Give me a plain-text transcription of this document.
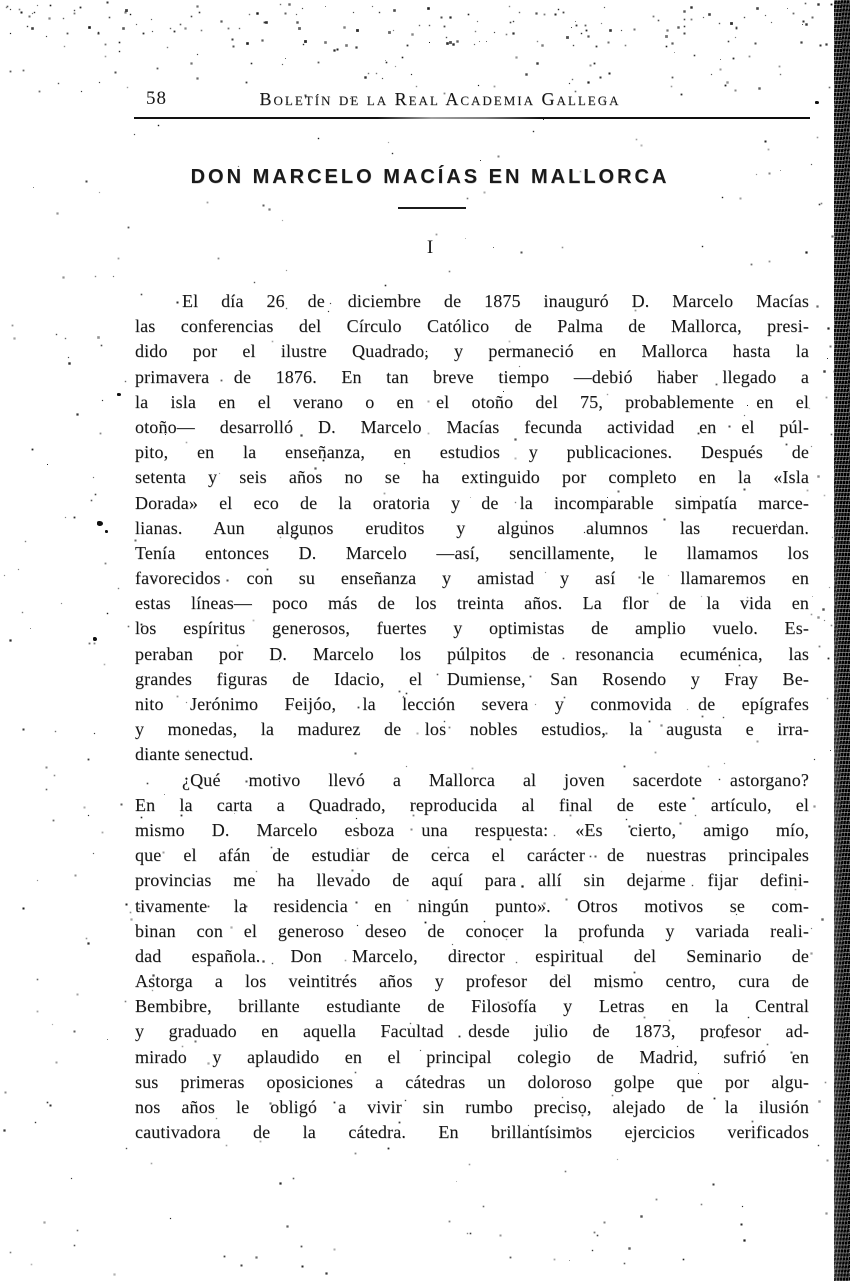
58	Boletín de la Real Academia Gallega
DON MARCELO MACÍAS EN MALLORCA
I
El día 26 de diciembre de 1875 inauguró D. Marcelo Macías
las conferencias del Círculo Católico de Palma de Mallorca, presi-
dido por el ilustre Quadrado, y permaneció en Mallorca hasta la
primavera de 1876. En tan breve tiempo —debió haber llegado a
la isla en el verano o en el otoño del 75, probablemente en el
otoño— desarrolló D. Marcelo Macías fecunda actividad en el púl-
pito, en la enseñanza, en estudios y publicaciones. Después de
setenta y seis años no se ha extinguido por completo en la «Isla
Dorada» el eco de la oratoria y de la incomparable simpatía marce-
lianas. Aun algunos eruditos y algunos alumnos las recuerdan.
Tenía entonces D. Marcelo —así, sencillamente, le llamamos los
favorecidos con su enseñanza y amistad y así le llamaremos en
estas líneas— poco más de los treinta años. La flor de la vida en
los espíritus generosos, fuertes y optimistas de amplio vuelo. Es-
peraban por D. Marcelo los púlpitos de resonancia ecuménica, las
grandes figuras de Idacio, el Dumiense, San Rosendo y Fray Be-
nito Jerónimo Feijóo, la lección severa y conmovida de epígrafes
y monedas, la madurez de los nobles estudios, la augusta e irra-
diante senectud.
¿Qué motivo llevó a Mallorca al joven sacerdote astorgano?
En la carta a Quadrado, reproducida al final de este artículo, el
mismo D. Marcelo esboza una respuesta: «Es cierto, amigo mío,
que el afán de estudiar de cerca el carácter de nuestras principales
provincias me ha llevado de aquí para allí sin dejarme fijar defini-
tivamente la residencia en ningún punto». Otros motivos se com-
binan con el generoso deseo de conocer la profunda y variada reali-
dad española. Don Marcelo, director espiritual del Seminario de
Astorga a los veintitrés años y profesor del mismo centro, cura de
Bembibre, brillante estudiante de Filosofía y Letras en la Central
y graduado en aquella Facultad desde julio de 1873, profesor ad-
mirado y aplaudido en el principal colegio de Madrid, sufrió en
sus primeras oposiciones a cátedras un doloroso golpe que por algu-
nos años le obligó a vivir sin rumbo preciso, alejado de la ilusión
cautivadora de la cátedra. En brillantísimos ejercicios verificados
